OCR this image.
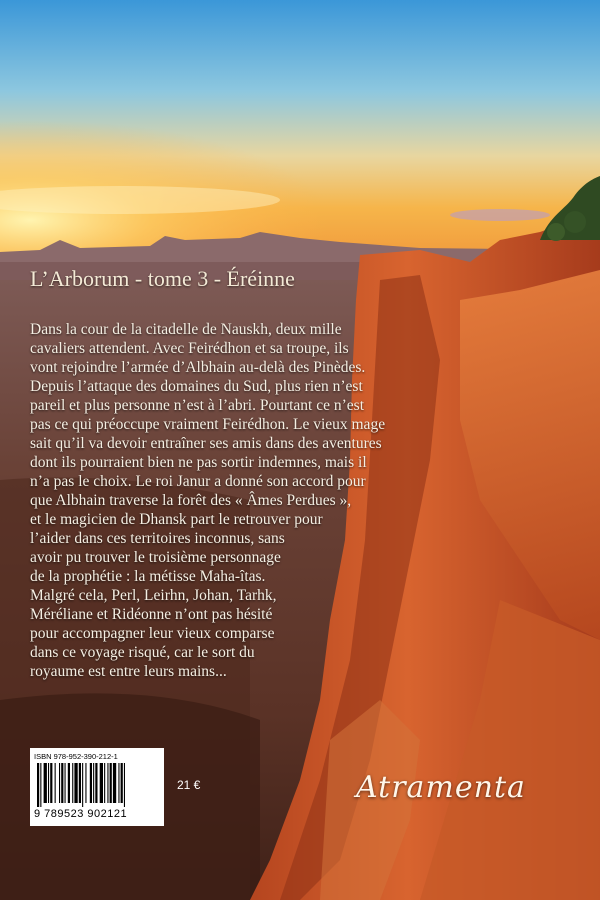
L’Arborum - tome 3 - Éréinne
Dans la cour de la citadelle de Nauskh, deux mille
cavaliers attendent. Avec Feirédhon et sa troupe, ils
vont rejoindre l’armée d’Albhain au-delà des Pinèdes.
Depuis l’attaque des domaines du Sud, plus rien n’est
pareil et plus personne n’est à l’abri. Pourtant ce n’est
pas ce qui préoccupe vraiment Feirédhon. Le vieux mage
sait qu’il va devoir entraîner ses amis dans des aventures
dont ils pourraient bien ne pas sortir indemnes, mais il
n’a pas le choix. Le roi Janur a donné son accord pour
que Albhain traverse la forêt des « Âmes Perdues »,
et le magicien de Dhansk part le retrouver pour
l’aider dans ces territoires inconnus, sans
avoir pu trouver le troisième personnage
de la prophétie : la métisse Maha-îtas.
Malgré cela, Perl, Leirhn, Johan, Tarhk,
Méréliane et Ridéonne n’ont pas hésité
pour accompagner leur vieux comparse
dans ce voyage risqué, car le sort du
royaume est entre leurs mains...
ISBN 978-952-390-212-1
9 789523 902121
21 €	Atramenta
